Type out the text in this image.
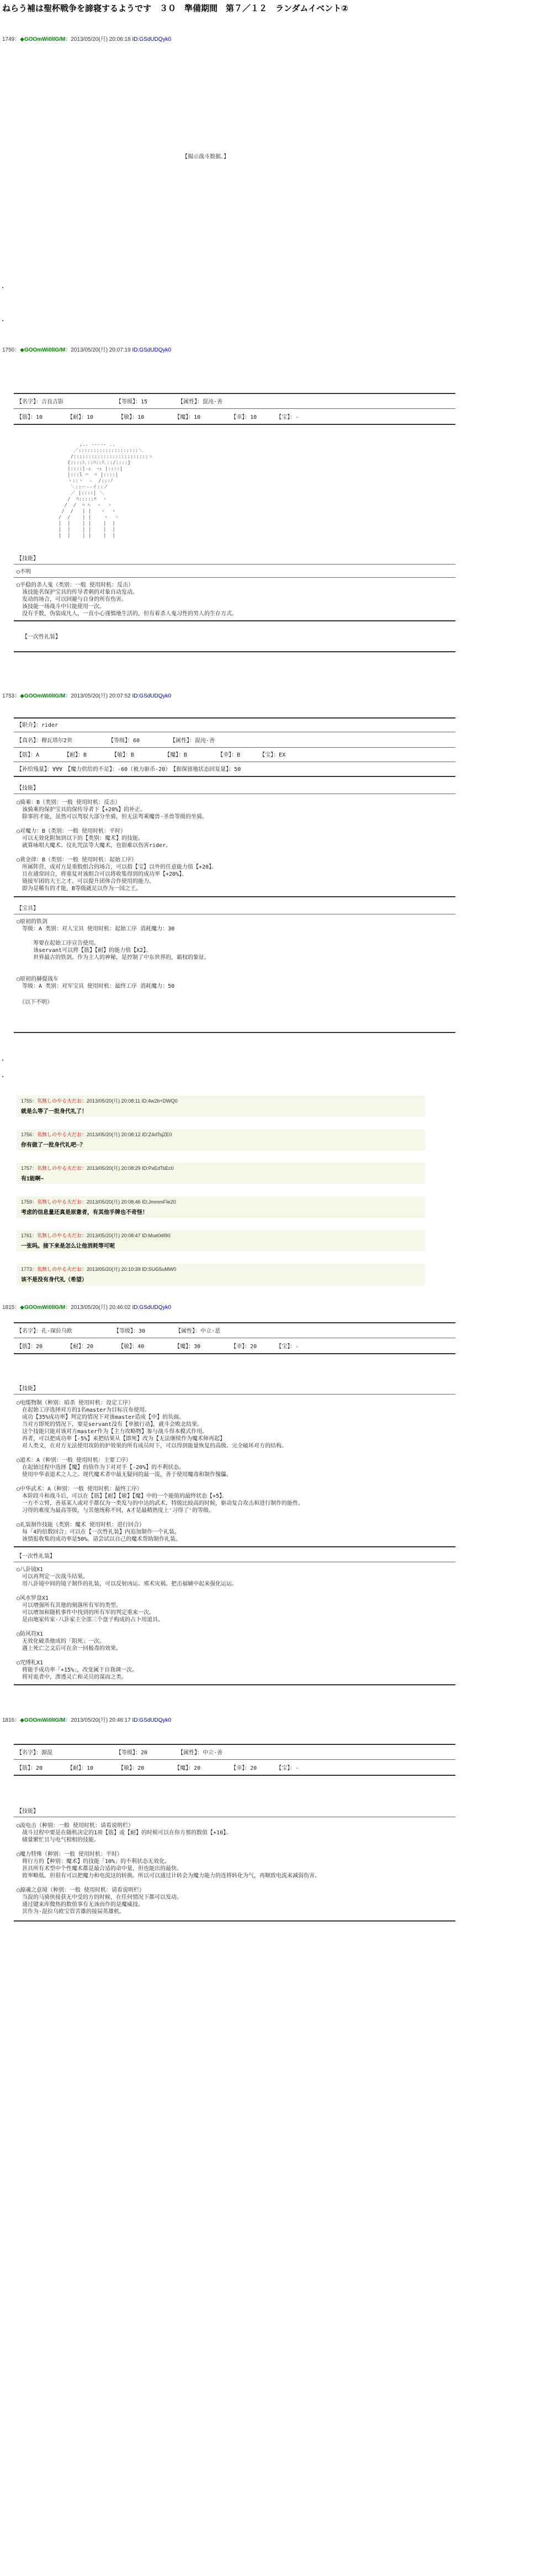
ねらう補は聖杯戦争を諦寝するようです　３０　準備期間　第７／１２　ランダムイベント②
1749：◆GOOmWi0lIG/M：2013/05/20(月) 20:06:18 ID:GSdUDQyk0
【揭示战斗数据。】
1750：◆GOOmWi0lIG/M：2013/05/20(月) 20:07:19 ID:GSdUDQyk0
【名字】：吉良吉影　　　　　　　　　　【等级】：15　　　　　　【属性】：混沌·善
【筋】：10　　　　　【耐】：10　　　　　【敏】：10　　　　　　【魔】：10　　　　　　【幸】：10　　　　【宝】：-

,.. -‐‐‐- ..
／::::::::::::::::::::＼
/:::::::::::::::::::::::::ヽ
{::::ﾄ､::ﾊ::ﾄ､::/::::}
|::::|-ｭ  ｰｭ |::::|
|:::l ⌒  ⌒ |::::|
ヽ::ヽ  ‐  /:::ﾉ
＼::ー--イ::ノ
／ |::::| ＼
/  ﾊ:::::ﾊ  ヽ
/  /  ﾍ ﾍ  ヽ  ヽ
/  /   | |   ヽ  ヽ
/  /    | |    ヽ  ヽ
|  |    | |    |  |
|  |    | |    |  |
|  |    | |    |  |
【技能】
○不明
○平稳的杀人鬼（类别：一般 使用时机：反击）
　该技能名保护宝具的传导者刺的对象自动发动。
　发动的场合，可以回避与自身的所有伤害。
　该技能一场战斗中只能使用一次。
　没有手数，伪装成凡人，一直小心谨慎地生活的，但有着杀人鬼习性的男人的生存方式。
【一次性礼装】
1753：◆GOOmWi0lIG/M：2013/05/20(月) 20:07:52 ID:GSdUDQyk0
【职介】：rider
【真名】：穆瓦塔尔2世　　　　　　　【等级】：60　　　　　　【属性】：混沌·善
【筋】：A　　　　　【耐】：B　　　　　【敏】：B　　　　　　【魔】：B　　　　　　【幸】：B　　　　【宝】：EX
【补给残量】：∀∀∀　【魔力供给的不足】：-60（被力驱币-20）　【据保留地状态回复量】：50
【技能】
○骑乘：B（类别：一般 使用时机：反击）
　该骑乘的保护宝具的保传导者下【+20%】的补正。
　除事的才能，虽然可以驾驭大部分坐骑，但无法驾乘魔兽·圣兽等级的坐骑。
○对魔力：B（类别：一般 使用时机：平时）
　可以无效化附加到以下的【类别：魔术】的技能。
　就算咏唱大魔术、仪礼咒法等大魔术，也很难以伤害rider。
○黄金律：B（类别：一般 使用时机：起始工序）
　所属阵营，或对方是重般组合的场合，可以指【宝】以外的任意能力值【+20】。
　且在通常回合，将重复对该组合可以将收集得到的成功率【+20%】。
　链接军团的大王之才。可以提升团体合作使用的能力。
　即为是稀有的才能，B等级就足以作为一国之王。
【宝具】
○原初的铁剑
　等级：A 类别：对人宝具 使用时机：起始工序 消耗魔力：30
　　　筹要在起始工序宣告使用。
　　　该servant可以将【筋】【耐】的能力值【X2】。
　　　世界最古的铁剑。作为主人的神秘，是控制了中东世界的，霸权的象征。
○原初的赫提战车
　等级：A 类别：对军宝具 使用时机：最终工序 消耗魔力：50
　《以下不明》
1755：名無しのやる夫だお：2013/05/20(月) 20:08:11 ID:4w2b+DWQ0
就是么等了一批身代礼了！
1756：名無しのやる夫だお：2013/05/20(月) 20:08:12 ID:Z4dTsjZE0
你有做了一批身代礼吧··？
1757：名無しのやる夫だお：2013/05/20(月) 20:08:29 ID:PxEdTsEc0
有1能啊~
1759：名無しのやる夫だお：2013/05/20(月) 20:08:46 ID:JmmmFIe20
考虑的信息量还真是原惫者，有其他手牌也不奇怪！
1761：名無しのやる夫だお：2013/05/20(月) 20:08:47 ID:Mue0dI90
一张吗。接下来是怎么让他消耗等可呢
1773：名無しのやる夫だお：2013/05/20(月) 20:10:39 ID:SUG5uMW0
该不是没有身代礼（希望）
1815：◆GOOmWi0lIG/M：2013/05/20(月) 20:46:02 ID:GSdUDQyk0
【名字】：孔·琛拉乌欧　　　　　　　　【等级】：30　　　　　　【属性】：中立·恶
【筋】：20　　　　　【耐】：20　　　　　【敏】：40　　　　　　【魔】：30　　　　　　【幸】：20　　　　【宝】：-
【技能】
○电缆物制（种别：暗杀 使用时机：设定工序）
　在起始工序选择对方的1名master为目标宣布使用。
　成功【35%成功率】判定的情况下对该master造成【中】的负面。
　当对方即死的情况下，要是servant没有【单独行动】，就斗会败北结果。
　这个技能只能对该对方master作为【主力攻略物】参与战斗得本模式作用。
　再者，可以把成功率【-5%】来把结果从【即死】改为【无法继续作为魔术师再起】
　对人类义，在对方无法使用攻防的护效果的所有成员时下，可以得到能量恢复的高级。完全破坏对方的结构。
○道术：A（种别：一般 使用时机：主要工序）
　在起始过程中选择【魔】的值作为下对对手【-20%】的不利状态。
　使用中华表道术之人之。现代魔术者中最无疑问的最一流，善于使用魔毒和制作傀儡。
○中华武术：A（种别：一般 使用时机：最终工序）
　本阶段斗和战斗后，可以在【筋】【耐】【敏】【魔】中的一个能值的最终状态【+5】。
　一方不立臂，善基某人或对手都仅为一类发与的中达的武术，特级比较高的时候，驱动复合攻击和进行制作的能性。
　习得的难度为最高等级，与其他统称不同，A才是最精熟度上'习得了'的等级。
○礼装制作技能（类别：魔术 使用时机：进行回合）
　每「4的倍数回合」可以在【一次性礼装】内追加制作一个礼装。
　该情报收集的成功率是50%。请尝试以自己的魔术帮助制作礼装。
【一次性礼装】
○八卦镜X1
　可以再判定一次战斗结果。
　用八卦镜中间的镜子制作的礼装，可以反射凶运、邪术灾祸。把击福辅中起来强化运运。
○风水罗盘X1
　可以增强所有其他的刻落所有军的类型。
　可以增加和随机事件中找到的所有军的判定重来一次。
　是由地家传家·八卦家主全部三个盘子构成的占卜用道具。
○防风符X1
　无效化破杀他成的「阻死」一次。
　遇上死亡之文后可在余一回极毒的效果。
○咒缚札X1
　将能手成功率「+15%」，改变属于自我调一次。
　将对诡者中，渗透灵亡和灵员的谋而之类。
1816：◆GOOmWi0lIG/M：2013/05/20(月) 20:46:17 ID:GSdUDQyk0
【名字】：源混　　　　　　　　　　　　【等级】：20　　　　　　【属性】：中立·善
【筋】：20　　　　　【耐】：10　　　　　【敏】：20　　　　　　【魔】：20　　　　　　【幸】：20　　　　【宝】：-
【技能】
○流电击（种别：一般 使用时机：请看说明栏）
　战斗过程中要是在随机决定的1项【筋】或【耐】的时候可以在你方那的数值【+10】。
　储量繁忙且与电气相相的技能。
○魔力特殊（种别：一般 使用时机：平时）
　将行方的【种别：魔术】的技能「10%」的不利状态无效化。
　甚具所有术型中个性魔术都是最合适的命中量，但也能出的最快。
　致率略低。但很有可以把魔力和电流这的转换。所以可以通过计转会为魔力能力的连将转化为气，再顺致电流来减弱伤害。
○源魂之意境（种别：一般 使用时机：请看说明栏）
　当混的马骑侠接获无中受的方的时候，在任何情况下都可以发动。
　通过键来库微热的数值事有无该而作的是魔威技。
　其作为·混拉乌欧宝管苦雄的接届英雄机。
